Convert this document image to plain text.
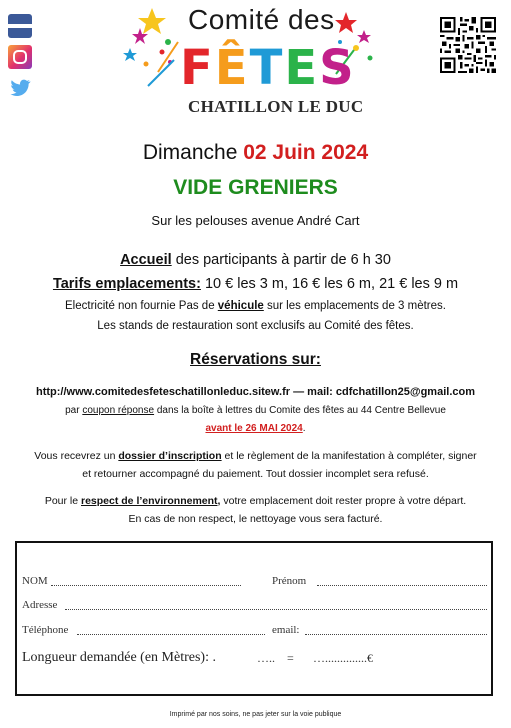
Comité des
FÊTES
CHATILLON LE DUC
Dimanche 02 Juin 2024
VIDE GRENIERS
Sur les pelouses avenue André Cart
Accueil des participants à partir de 6 h 30
Tarifs emplacements: 10 € les 3 m, 16 € les 6 m, 21 € les 9 m
Electricité non fournie Pas de véhicule sur les emplacements de 3 mètres.
Les stands de restauration sont exclusifs au Comité des fêtes.
Réservations sur:
http://www.comitedesfeteschatillonleduc.sitew.fr — mail: cdfchatillon25@gmail.com
par coupon réponse dans la boîte à lettres du Comite des fêtes au 44 Centre Bellevue
avant le 26 MAI 2024.
Vous recevrez un dossier d’inscription et le règlement de la manifestation à compléter, signer
et retourner accompagné du paiement. Tout dossier incomplet sera refusé.
Pour le respect de l’environnement, votre emplacement doit rester propre à votre départ.
En cas de non respect, le nettoyage vous sera facturé.
NOM	Prénom
Adresse
Téléphone	email:
Longueur demandée (en Mètres): .	….. = …..............€
Imprimé par nos soins, ne pas jeter sur la voie publique
